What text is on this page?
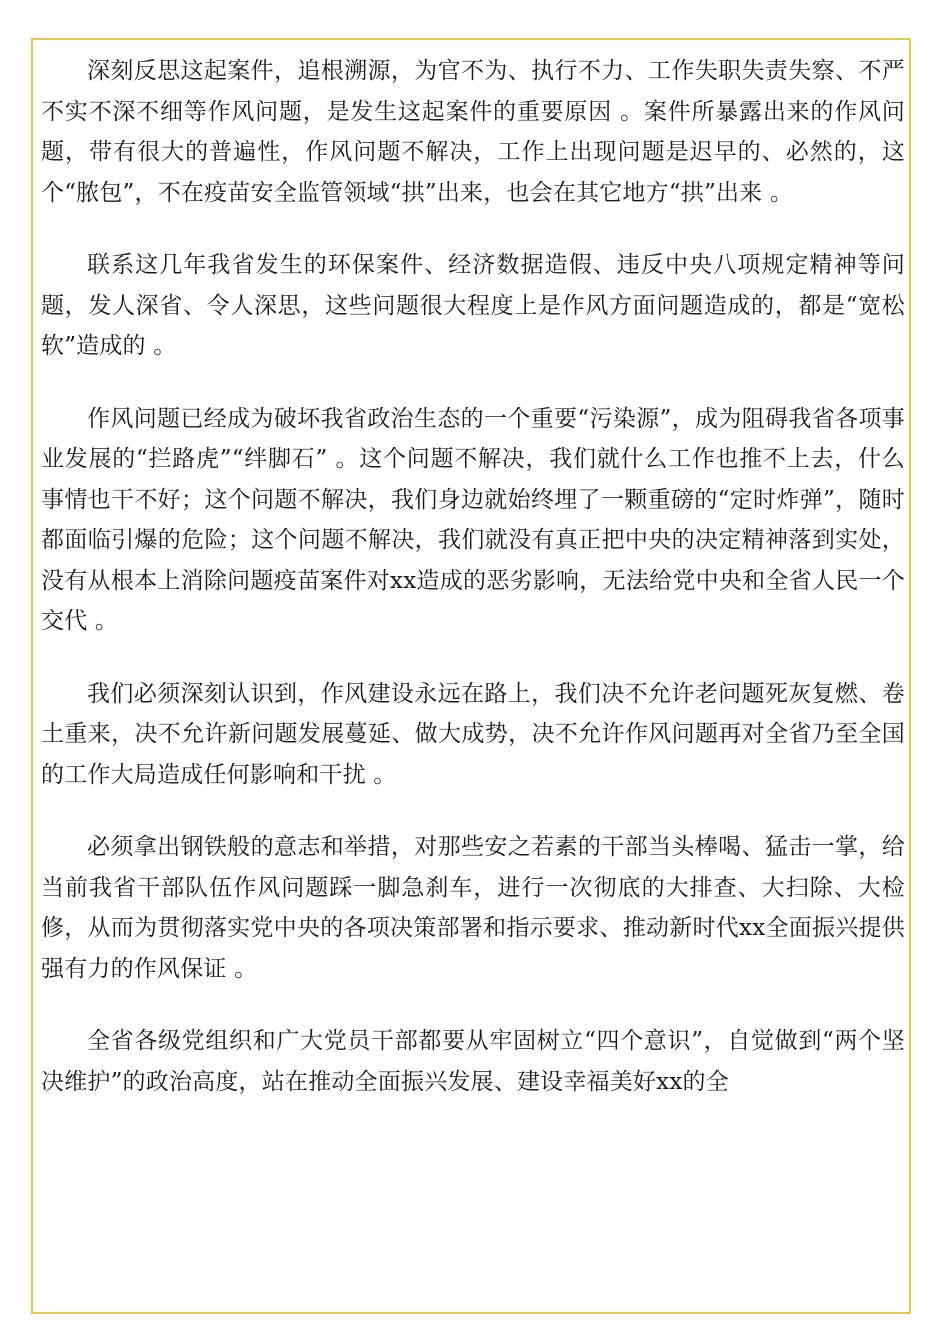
深刻反思这起案件，追根溯源，为官不为、执行不力、工作失职失责失察、不严不实不深不细等作风问题，是发生这起案件的重要原因 。案件所暴露出来的作风问题，带有很大的普遍性，作风问题不解决，工作上出现问题是迟早的、必然的，这个“脓包”，不在疫苗安全监管领域“拱”出来，也会在其它地方“拱”出来 。

联系这几年我省发生的环保案件、经济数据造假、违反中央八项规定精神等问题，发人深省、令人深思，这些问题很大程度上是作风方面问题造成的，都是“宽松软”造成的 。

作风问题已经成为破坏我省政治生态的一个重要“污染源”，成为阻碍我省各项事业发展的“拦路虎”“绊脚石” 。这个问题不解决，我们就什么工作也推不上去，什么事情也干不好；这个问题不解决，我们身边就始终埋了一颗重磅的“定时炸弹”，随时都面临引爆的危险；这个问题不解决，我们就没有真正把中央的决定精神落到实处，没有从根本上消除问题疫苗案件对xx造成的恶劣影响，无法给党中央和全省人民一个交代 。

我们必须深刻认识到，作风建设永远在路上，我们决不允许老问题死灰复燃、卷土重来，决不允许新问题发展蔓延、做大成势，决不允许作风问题再对全省乃至全国的工作大局造成任何影响和干扰 。

必须拿出钢铁般的意志和举措，对那些安之若素的干部当头棒喝、猛击一掌，给当前我省干部队伍作风问题踩一脚急刹车，进行一次彻底的大排查、大扫除、大检修，从而为贯彻落实党中央的各项决策部署和指示要求、推动新时代xx全面振兴提供强有力的作风保证 。

全省各级党组织和广大党员干部都要从牢固树立“四个意识”，自觉做到“两个坚决维护”的政治高度，站在推动全面振兴发展、建设幸福美好xx的全
